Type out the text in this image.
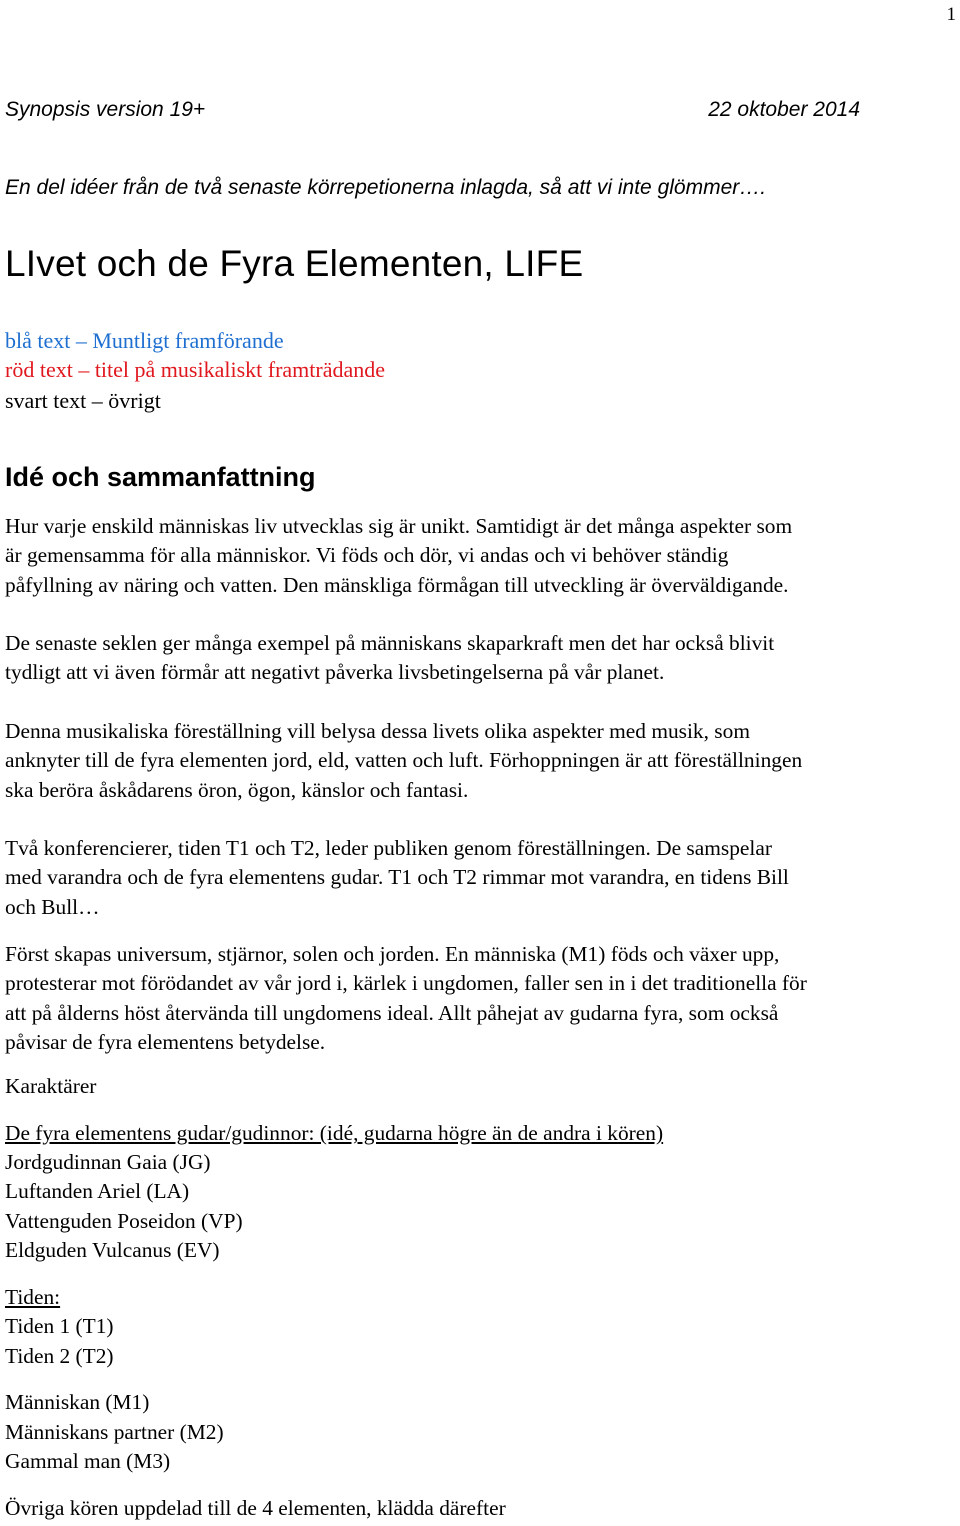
1
Synopsis version 19+	22 oktober 2014
En del idéer från de två senaste körrepetionerna inlagda, så att vi inte glömmer….
LIvet och de Fyra Elementen, LIFE
blå text – Muntligt framförande
röd text – titel på musikaliskt framträdande
svart text – övrigt
Idé och sammanfattning
Hur varje enskild människas liv utvecklas sig är unikt. Samtidigt är det många aspekter som
är gemensamma för alla människor. Vi föds och dör, vi andas och vi behöver ständig
påfyllning av näring och vatten. Den mänskliga förmågan till utveckling är överväldigande.
De senaste seklen ger många exempel på människans skaparkraft men det har också blivit
tydligt att vi även förmår att negativt påverka livsbetingelserna på vår planet.
Denna musikaliska föreställning vill belysa dessa livets olika aspekter med musik, som
anknyter till de fyra elementen jord, eld, vatten och luft. Förhoppningen är att föreställningen
ska beröra åskådarens öron, ögon, känslor och fantasi.
Två konferencierer, tiden T1 och T2, leder publiken genom föreställningen. De samspelar
med varandra och de fyra elementens gudar. T1 och T2 rimmar mot varandra, en tidens Bill
och Bull…
Först skapas universum, stjärnor, solen och jorden. En människa (M1) föds och växer upp,
protesterar mot förödandet av vår jord i, kärlek i ungdomen, faller sen in i det traditionella för
att på ålderns höst återvända till ungdomens ideal. Allt påhejat av gudarna fyra, som också
påvisar de fyra elementens betydelse.
Karaktärer
De fyra elementens gudar/gudinnor: (idé, gudarna högre än de andra i kören)
Jordgudinnan Gaia (JG)
Luftanden Ariel (LA)
Vattenguden Poseidon (VP)
Eldguden Vulcanus (EV)
Tiden:
Tiden 1 (T1)
Tiden 2 (T2)
Människan (M1)
Människans partner (M2)
Gammal man (M3)
Övriga kören uppdelad till de 4 elementen, klädda därefter
